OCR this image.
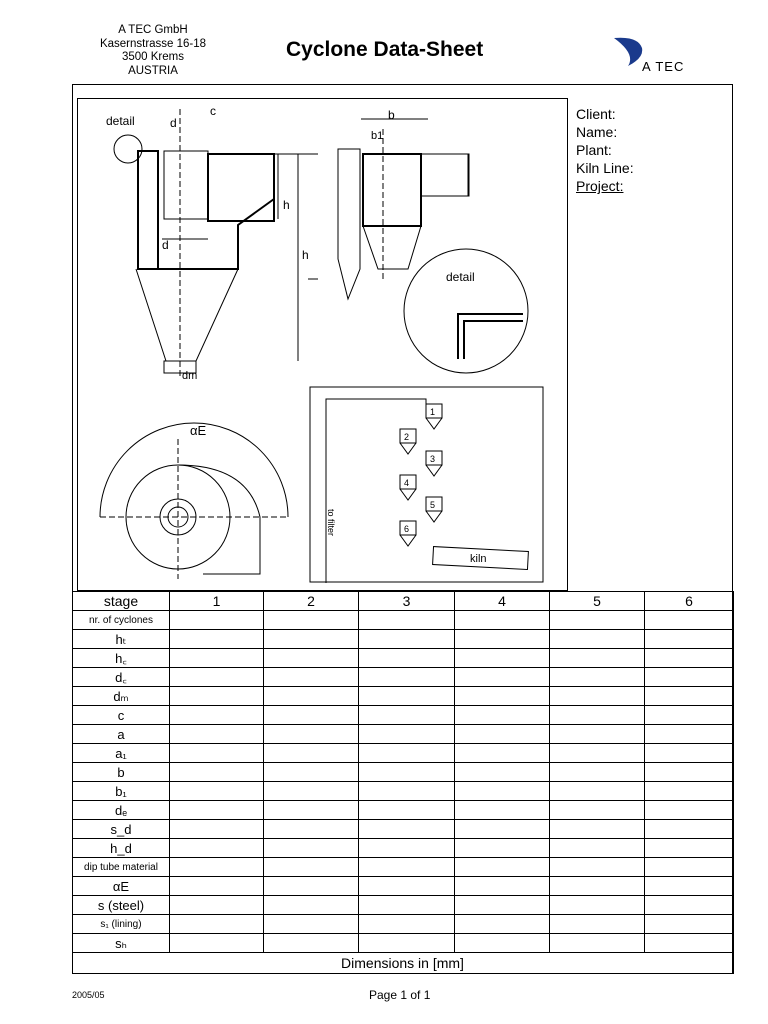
A TEC GmbH
Kasernstrasse 16-18
3500 Krems
AUSTRIA
Cyclone Data-Sheet
A TEC
detail	d
c
d
h
h
dm
b
b1
detail
αE
1
2
3
4
5
6
kiln
to filter
Client:
Name:
Plant:
Kiln Line:
Project:
stage	1	2	3	4	5	6
nr. of cyclones						
hₜ						
h꜀						
d꜀						
dₘ						
c						
a						
a₁						
b						
b₁						
dₑ						
s_d						
h_d						
dip tube material						
αE						
s (steel)						
s₁ (lining)						
sₕ						

Dimensions in [mm]
2005/05	Page 1 of 1
